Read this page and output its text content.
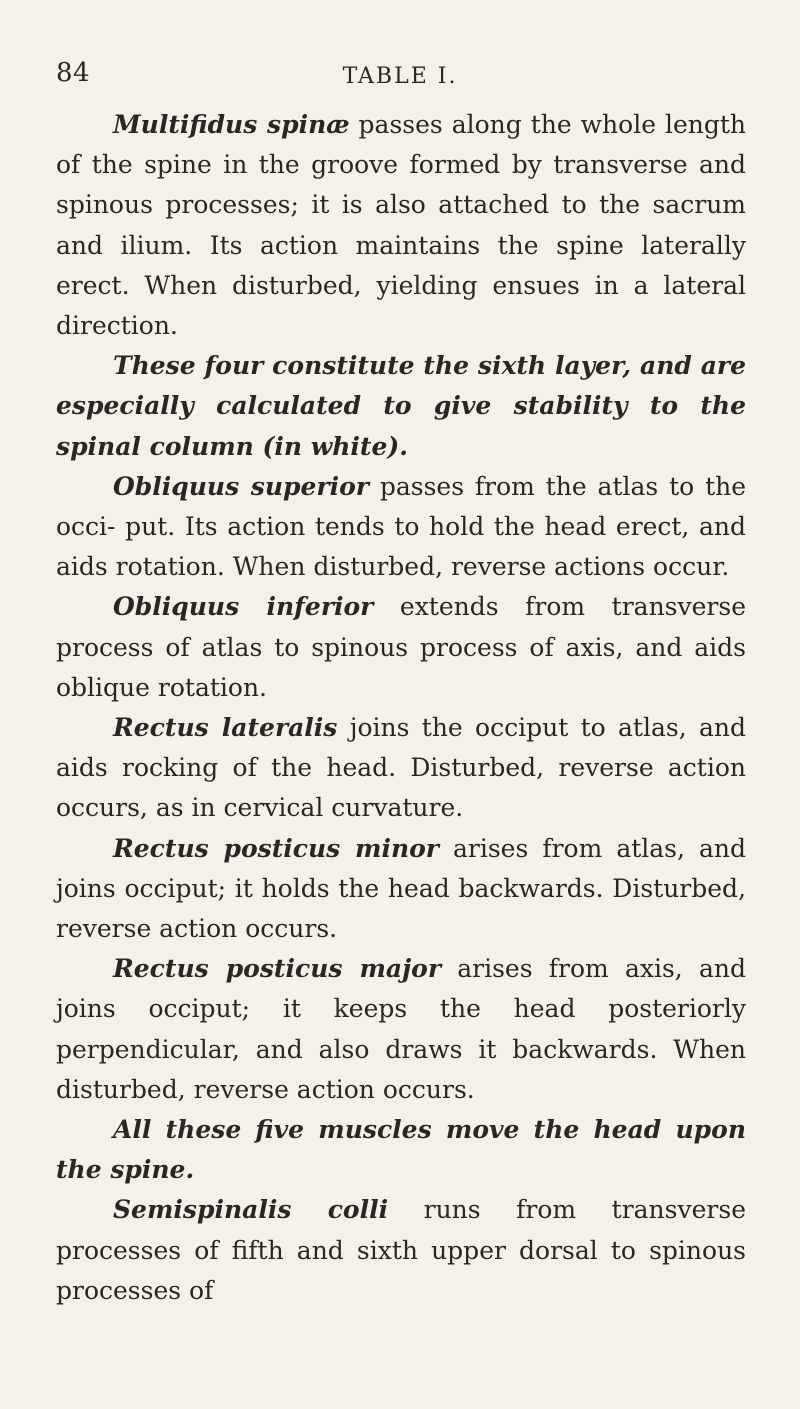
84	TABLE I.

Multifidus spinæ passes along the whole length of the spine in the groove formed by transverse and spinous processes; it is also attached to the sacrum and ilium. Its action maintains the spine laterally erect. When disturbed, yielding ensues in a lateral direction.

These four constitute the sixth layer, and are especially calculated to give stability to the spinal column (in white).

Obliquus superior passes from the atlas to the occi- put. Its action tends to hold the head erect, and aids rotation. When disturbed, reverse actions occur.

Obliquus inferior extends from transverse process of atlas to spinous process of axis, and aids oblique rotation.

Rectus lateralis joins the occiput to atlas, and aids rocking of the head. Disturbed, reverse action occurs, as in cervical curvature.

Rectus posticus minor arises from atlas, and joins occiput; it holds the head backwards. Disturbed, reverse action occurs.

Rectus posticus major arises from axis, and joins occiput; it keeps the head posteriorly perpendicular, and also draws it backwards. When disturbed, reverse action occurs.

All these five muscles move the head upon the spine.

Semispinalis colli runs from transverse processes of fifth and sixth upper dorsal to spinous processes of
